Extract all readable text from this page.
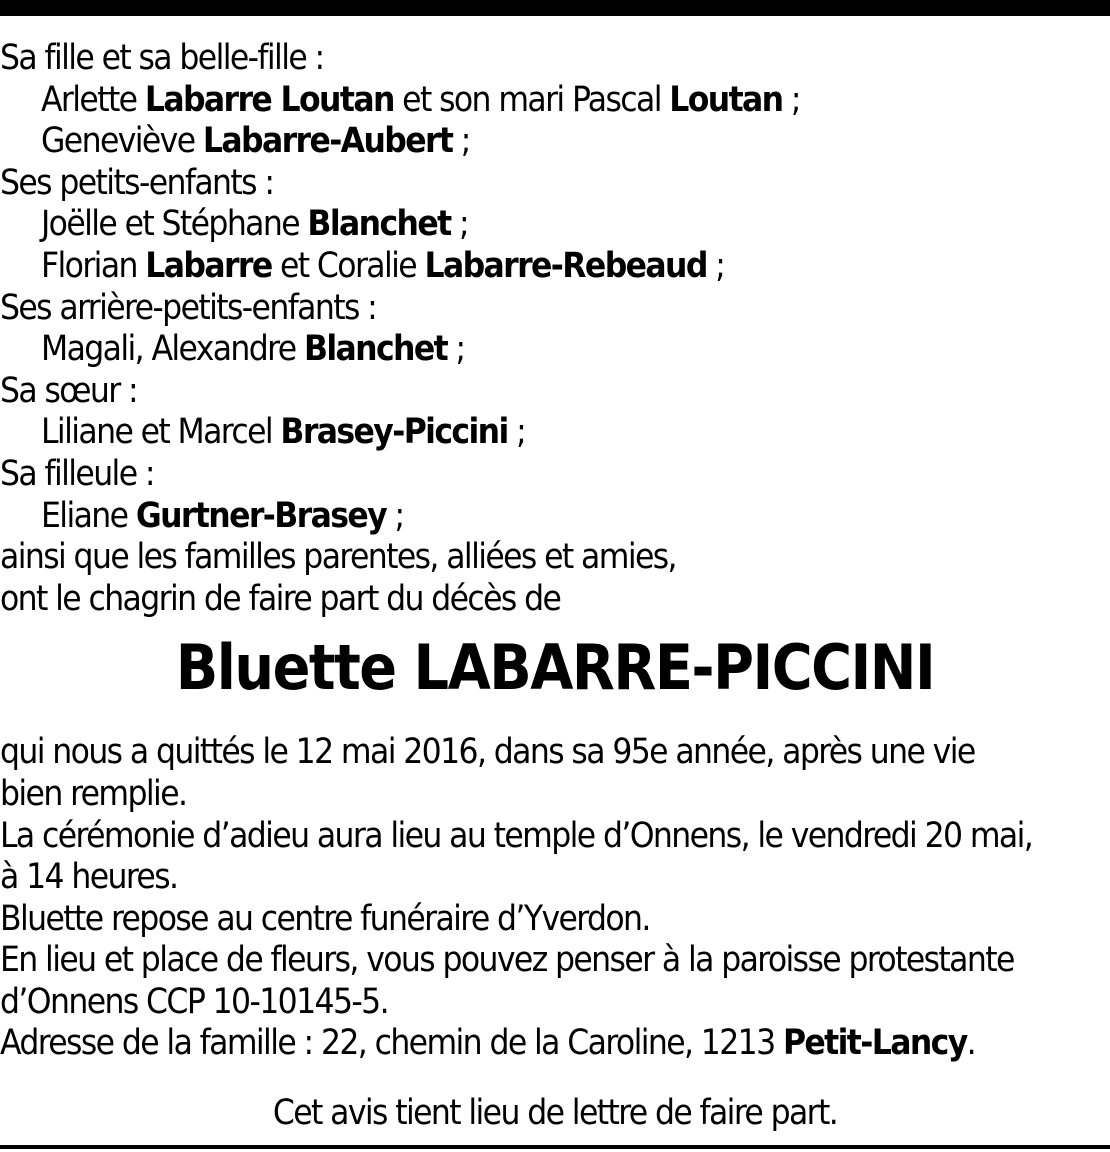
Sa fille et sa belle-fille :
Arlette Labarre Loutan et son mari Pascal Loutan ;
Geneviève Labarre-Aubert ;
Ses petits-enfants :
Joëlle et Stéphane Blanchet ;
Florian Labarre et Coralie Labarre-Rebeaud ;
Ses arrière-petits-enfants :
Magali, Alexandre Blanchet ;
Sa sœur :
Liliane et Marcel Brasey-Piccini ;
Sa filleule :
Eliane Gurtner-Brasey ;
ainsi que les familles parentes, alliées et amies,
ont le chagrin de faire part du décès de
Bluette LABARRE-PICCINI
qui nous a quittés le 12 mai 2016, dans sa 95e année, après une vie
bien remplie.
La cérémonie d’adieu aura lieu au temple d’Onnens, le vendredi 20 mai,
à 14 heures.
Bluette repose au centre funéraire d’Yverdon.
En lieu et place de fleurs, vous pouvez penser à la paroisse protestante
d’Onnens CCP 10-10145-5.
Adresse de la famille : 22, chemin de la Caroline, 1213 Petit-Lancy.
Cet avis tient lieu de lettre de faire part.
